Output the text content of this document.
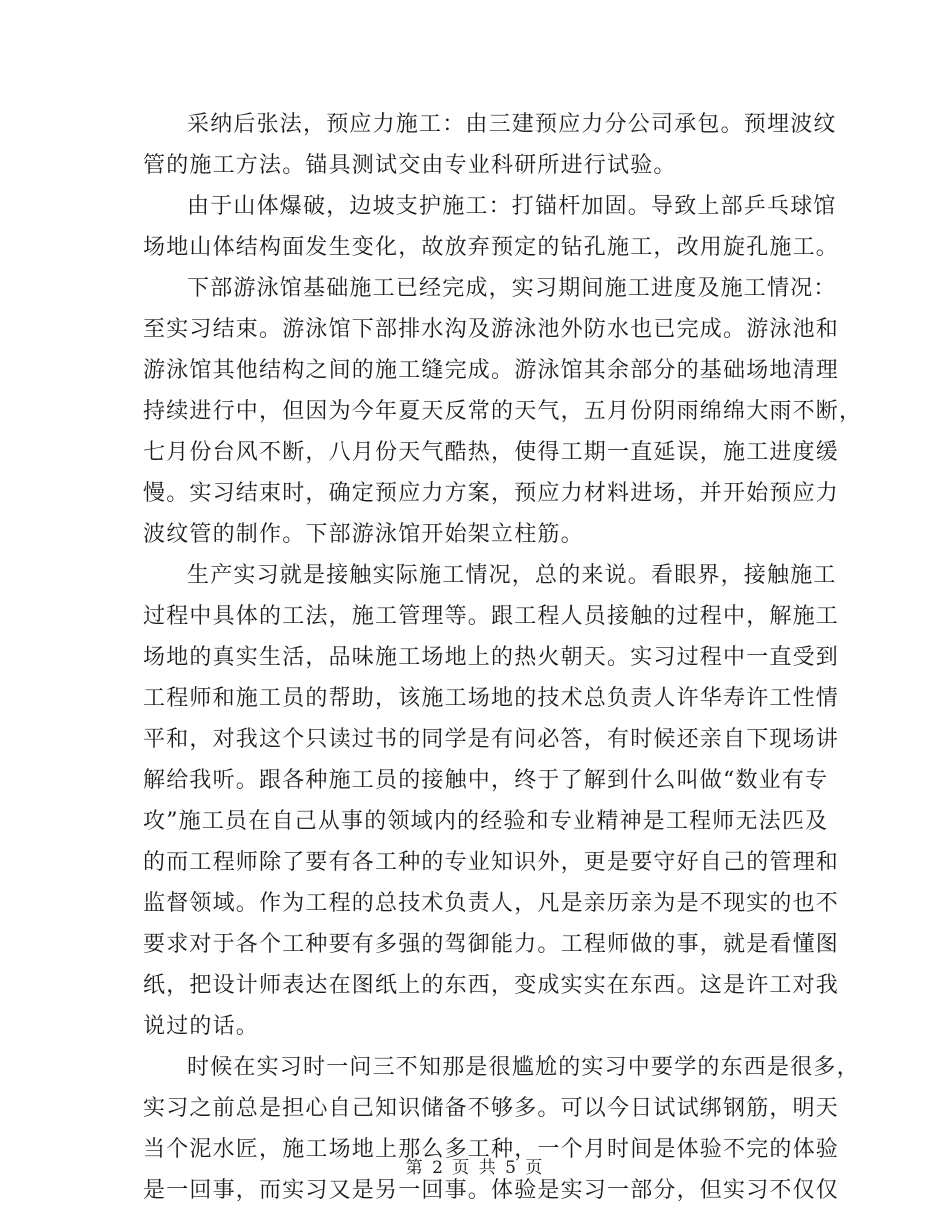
采纳后张法，预应力施工：由三建预应力分公司承包。预埋波纹
管的施工方法。锚具测试交由专业科研所进行试验。
由于山体爆破，边坡支护施工：打锚杆加固。导致上部乒乓球馆
场地山体结构面发生变化，故放弃预定的钻孔施工，改用旋孔施工。
下部游泳馆基础施工已经完成，实习期间施工进度及施工情况：
至实习结束。游泳馆下部排水沟及游泳池外防水也已完成。游泳池和
游泳馆其他结构之间的施工缝完成。游泳馆其余部分的基础场地清理
持续进行中，但因为今年夏天反常的天气，五月份阴雨绵绵大雨不断，
七月份台风不断，八月份天气酷热，使得工期一直延误，施工进度缓
慢。实习结束时，确定预应力方案，预应力材料进场，并开始预应力
波纹管的制作。下部游泳馆开始架立柱筋。
生产实习就是接触实际施工情况，总的来说。看眼界，接触施工
过程中具体的工法，施工管理等。跟工程人员接触的过程中，解施工
场地的真实生活，品味施工场地上的热火朝天。实习过程中一直受到
工程师和施工员的帮助，该施工场地的技术总负责人许华寿许工性情
平和，对我这个只读过书的同学是有问必答，有时候还亲自下现场讲
解给我听。跟各种施工员的接触中，终于了解到什么叫做“数业有专
攻”施工员在自己从事的领域内的经验和专业精神是工程师无法匹及
的而工程师除了要有各工种的专业知识外，更是要守好自己的管理和
监督领域。作为工程的总技术负责人，凡是亲历亲为是不现实的也不
要求对于各个工种要有多强的驾御能力。工程师做的事，就是看懂图
纸，把设计师表达在图纸上的东西，变成实实在东西。这是许工对我
说过的话。
时候在实习时一问三不知那是很尴尬的实习中要学的东西是很多，
实习之前总是担心自己知识储备不够多。可以今日试试绑钢筋，明天
当个泥水匠，施工场地上那么多工种，一个月时间是体验不完的体验
是一回事，而实习又是另一回事。体验是实习一部分，但实习不仅仅
第 2 页 共 5 页
